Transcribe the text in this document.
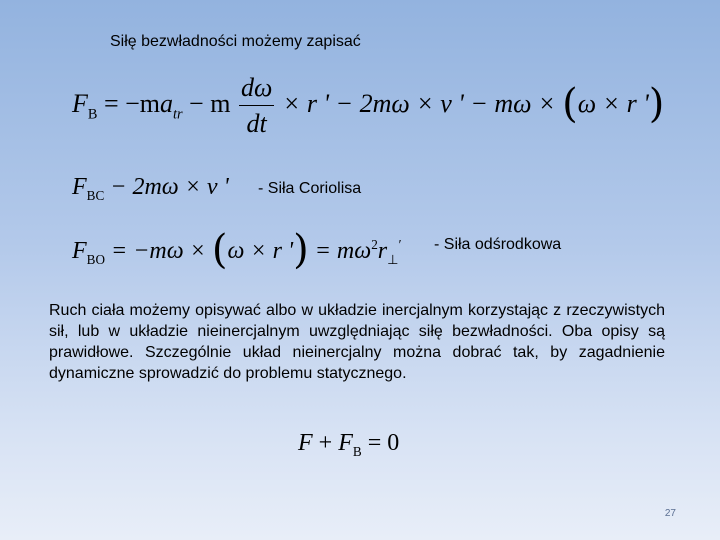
Siłę bezwładności możemy zapisać
$F_B = -ma_{tr} - m \frac{d\omega}{dt} \times r$ ' − 2mω × v ' − mω × (ω × r ')
$F_{BC} - 2m\omega \times v$ ' - Siła Coriolisa
$F_{BO} = -m\omega \times (\omega \times r$ ') = $m\omega^2r_\perp'$ - Siła odśrodkowa
Ruch ciała możemy opisywać albo w układzie inercjalnym korzystając z rzeczywistych sił, lub w układzie nieinercjalnym uwzględniając siłę bezwładności. Oba opisy są prawidłowe. Szczególnie układ nieinercjalny można dobrać tak, by zagadnienie dynamiczne sprowadzić do problemu statycznego.
$F + F_B = 0$
27
